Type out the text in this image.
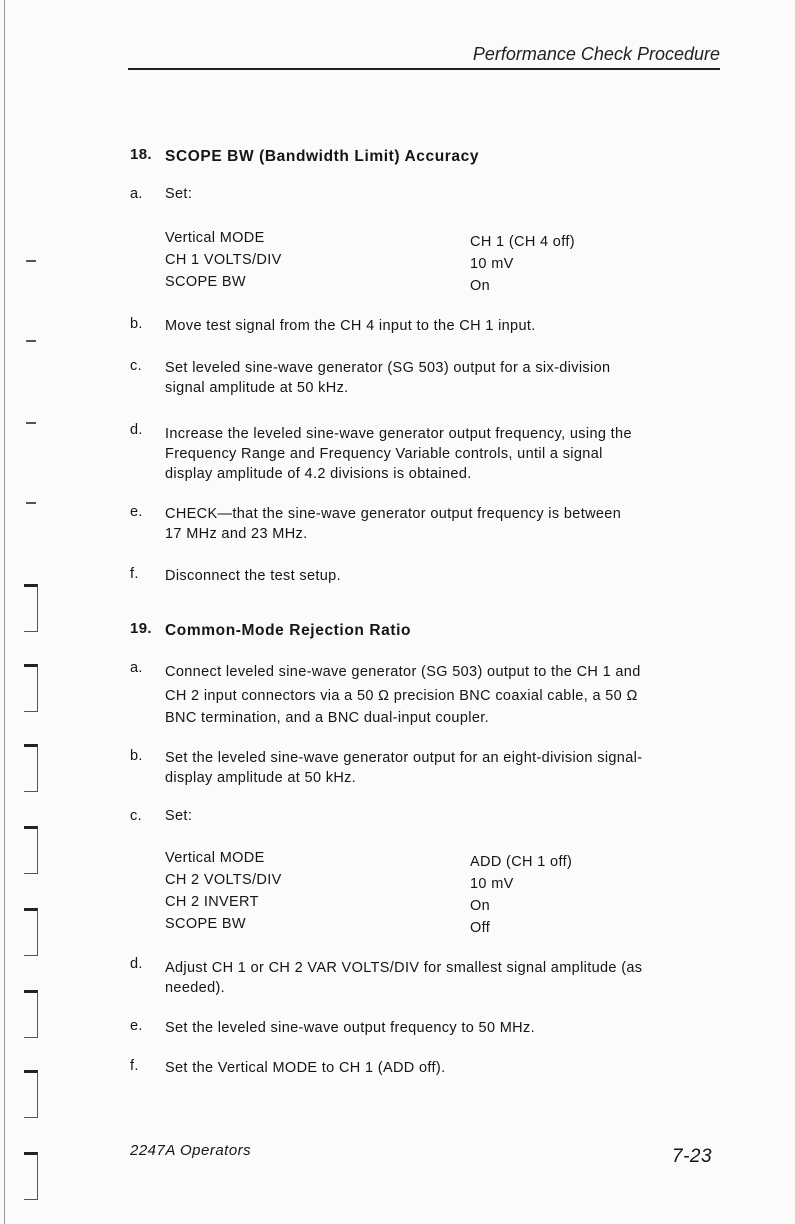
Performance Check Procedure
18. SCOPE BW (Bandwidth Limit) Accuracy
a. Set:
Vertical MODE	CH 1 (CH 4 off)
CH 1 VOLTS/DIV	10 mV
SCOPE BW	On
b. Move test signal from the CH 4 input to the CH 1 input.
c. Set leveled sine-wave generator (SG 503) output for a six-division
signal amplitude at 50 kHz.
d. Increase the leveled sine-wave generator output frequency, using the
Frequency Range and Frequency Variable controls, until a signal
display amplitude of 4.2 divisions is obtained.
e. CHECK—that the sine-wave generator output frequency is between
17 MHz and 23 MHz.
f. Disconnect the test setup.
19. Common-Mode Rejection Ratio
a. Connect leveled sine-wave generator (SG 503) output to the CH 1 and
CH 2 input connectors via a 50 Ω precision BNC coaxial cable, a 50 Ω
BNC termination, and a BNC dual-input coupler.
b. Set the leveled sine-wave generator output for an eight-division signal-
display amplitude at 50 kHz.
c. Set:
Vertical MODE	ADD (CH 1 off)
CH 2 VOLTS/DIV	10 mV
CH 2 INVERT	On
SCOPE BW	Off
d. Adjust CH 1 or CH 2 VAR VOLTS/DIV for smallest signal amplitude (as
needed).
e. Set the leveled sine-wave output frequency to 50 MHz.
f. Set the Vertical MODE to CH 1 (ADD off).
2247A Operators	7-23
